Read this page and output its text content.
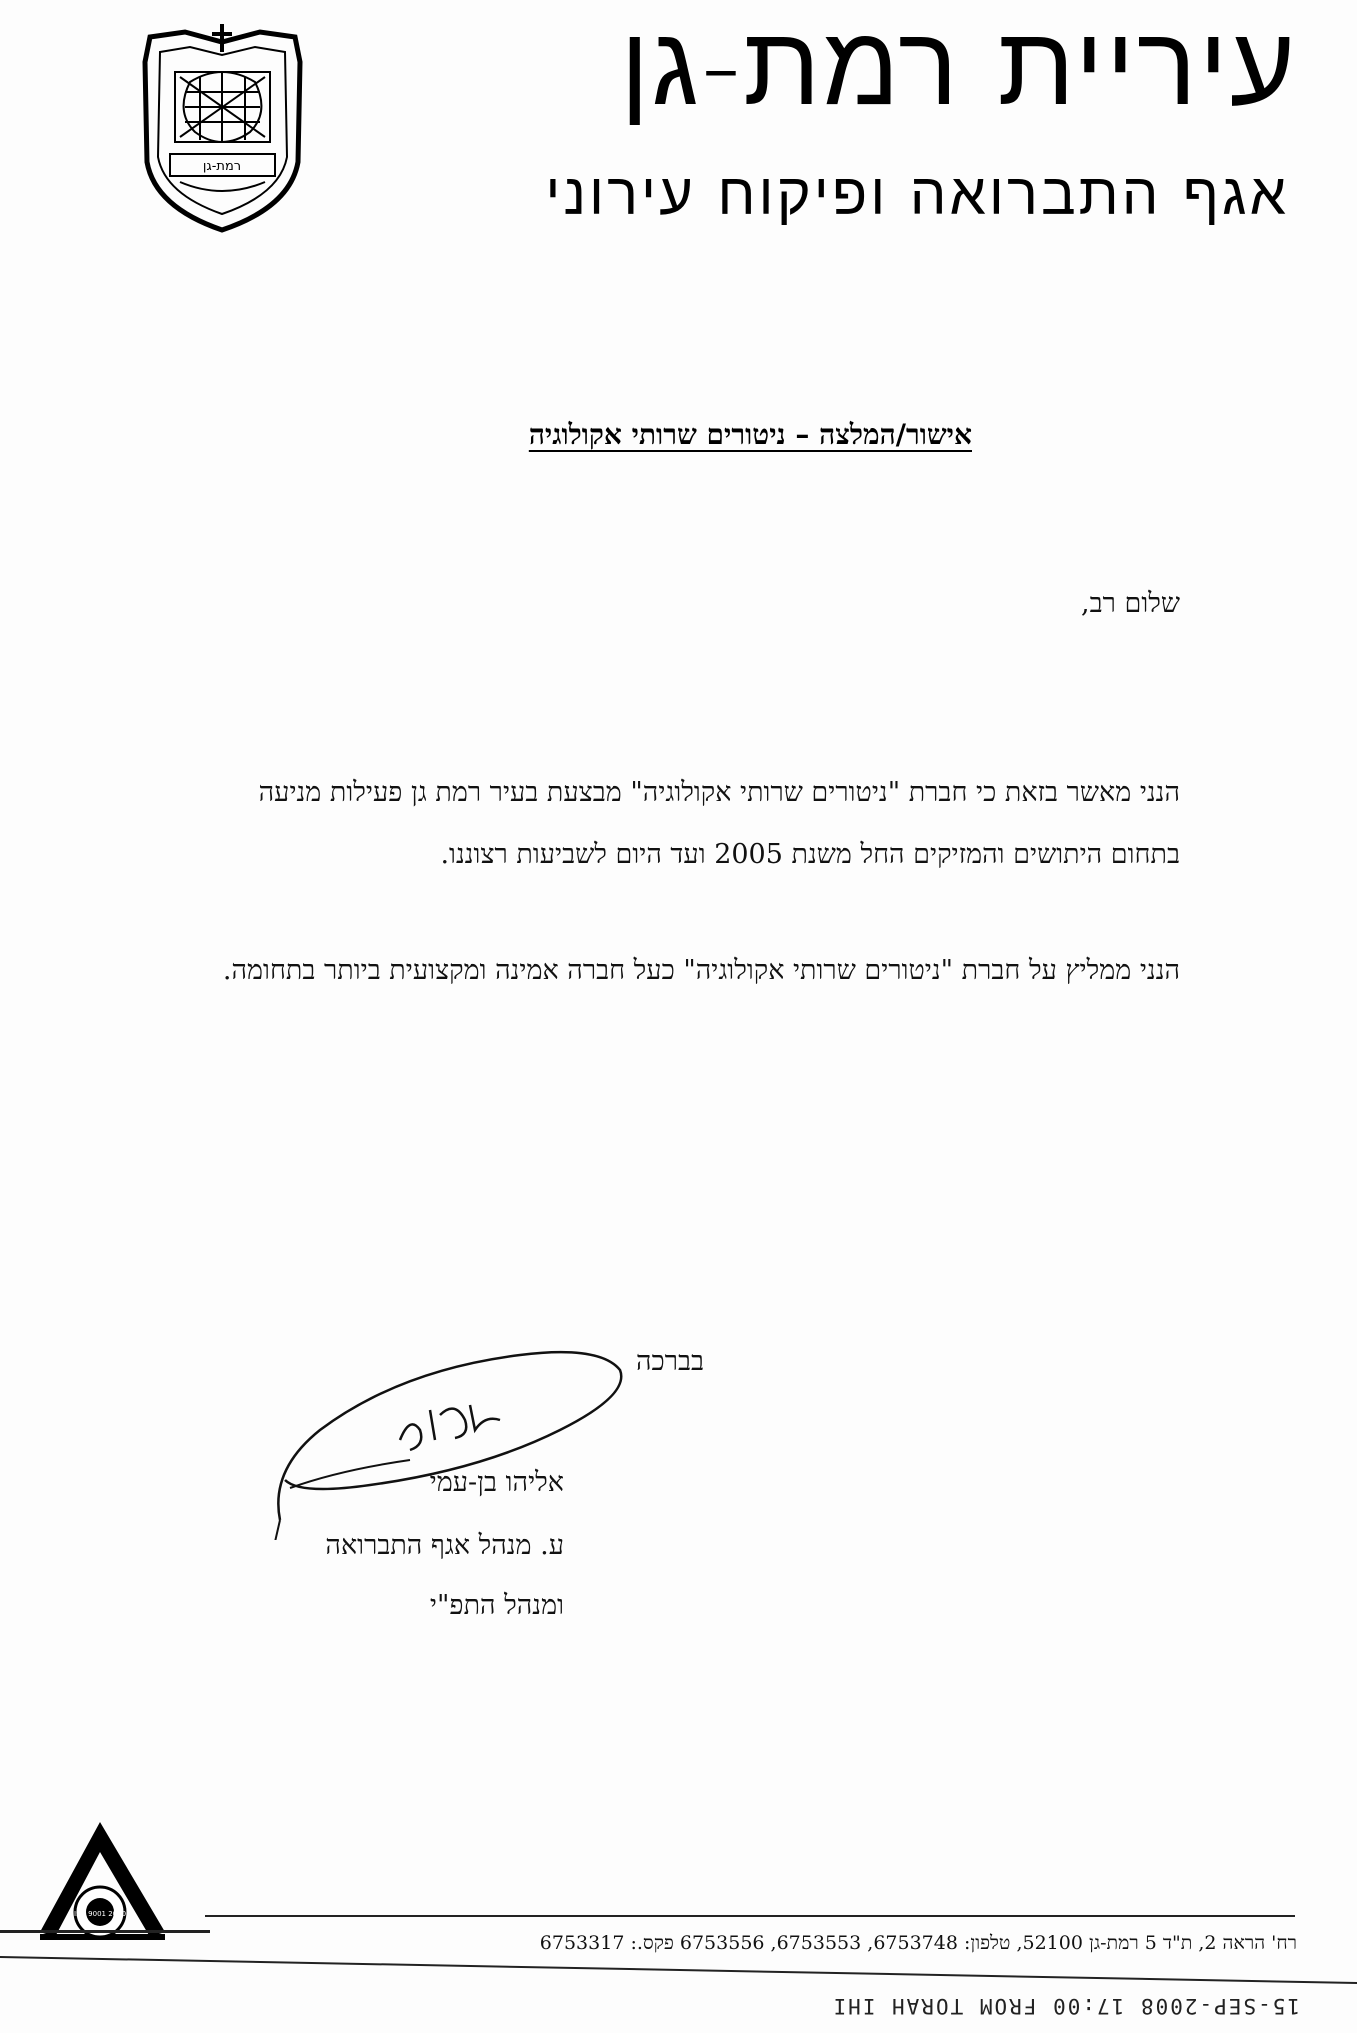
רמת-גן
עיריית רמת-גן
אגף התברואה ופיקוח עירוני
אישור/המלצה – ניטורים שרותי אקולוגיה
שלום רב,
הנני מאשר בזאת כי חברת "ניטורים שרותי אקולוגיה" מבצעת בעיר רמת גן פעילות מניעה בתחום היתושים והמזיקים החל משנת 2005 ועד היום לשביעות רצוננו.
הנני ממליץ על חברת "ניטורים שרותי אקולוגיה" כעל חברה אמינה ומקצועית ביותר בתחומה.
בברכה
אליהו בן-עמי
ע. מנהל אגף התברואה
ומנהל התפ"י
ISO 9001 2000
רח' הראה 2, ת"ד 5 רמת-גן 52100, טלפון: 6753748, 6753553, 6753556 פקס.: 6753317
15-SEP-2008 17:00 FROM TORAH IHI
